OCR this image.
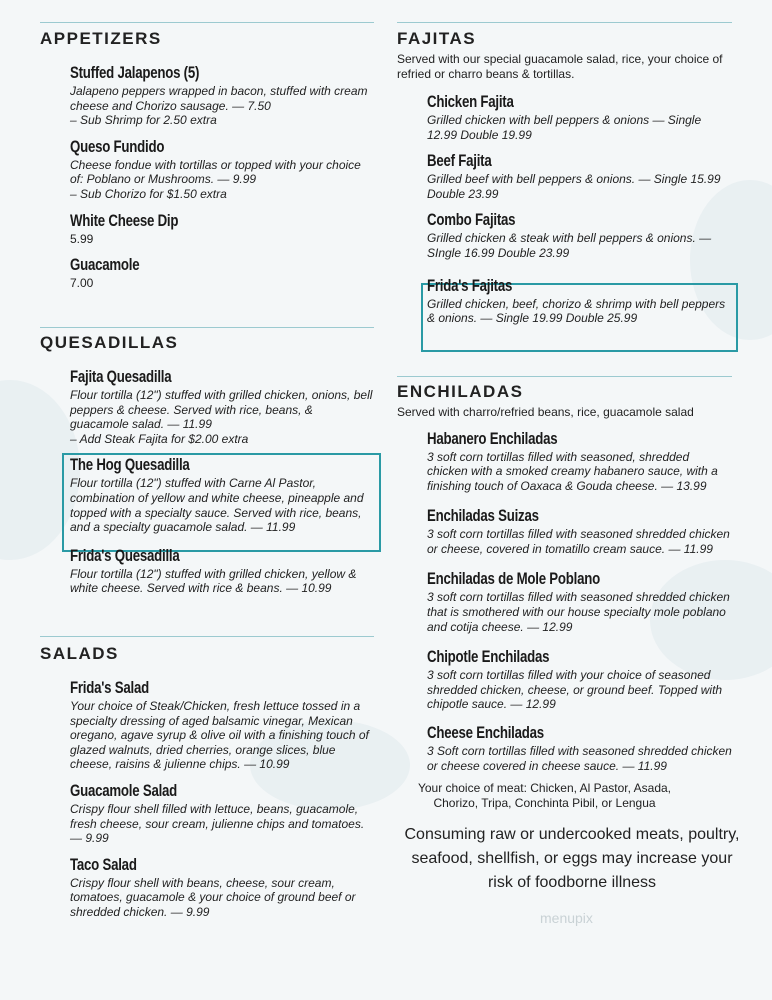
APPETIZERS
Stuffed Jalapenos (5)
Jalapeno peppers wrapped in bacon, stuffed with cream cheese and Chorizo sausage. — 7.50
– Sub Shrimp for 2.50 extra
Queso Fundido
Cheese fondue with tortillas or topped with your choice of: Poblano or Mushrooms. — 9.99
– Sub Chorizo for $1.50 extra
White Cheese Dip
5.99
Guacamole
7.00
QUESADILLAS
Fajita Quesadilla
Flour tortilla (12") stuffed with grilled chicken, onions, bell peppers & cheese. Served with rice, beans, & guacamole salad. — 11.99
– Add Steak Fajita for $2.00 extra
The Hog Quesadilla
Flour tortilla (12") stuffed with Carne Al Pastor, combination of yellow and white cheese, pineapple and topped with a specialty sauce. Served with rice, beans, and a specialty guacamole salad. — 11.99
Frida's Quesadilla
Flour tortilla (12") stuffed with grilled chicken, yellow & white cheese. Served with rice & beans. — 10.99
SALADS
Frida's Salad
Your choice of Steak/Chicken, fresh lettuce tossed in a specialty dressing of aged balsamic vinegar, Mexican oregano, agave syrup & olive oil with a finishing touch of glazed walnuts, dried cherries, orange slices, blue cheese, raisins & julienne chips. — 10.99
Guacamole Salad
Crispy flour shell filled with lettuce, beans, guacamole, fresh cheese, sour cream, julienne chips and tomatoes. — 9.99
Taco Salad
Crispy flour shell with beans, cheese, sour cream, tomatoes, guacamole & your choice of ground beef or shredded chicken. — 9.99
FAJITAS
Served with our special guacamole salad, rice, your choice of refried or charro beans & tortillas.
Chicken Fajita
Grilled chicken with bell peppers & onions — Single 12.99 Double 19.99
Beef Fajita
Grilled beef with bell peppers & onions. — Single 15.99 Double 23.99
Combo Fajitas
Grilled chicken & steak with bell peppers & onions. — SIngle 16.99 Double 23.99
Frida's Fajitas
Grilled chicken, beef, chorizo & shrimp with bell peppers & onions. — Single 19.99 Double 25.99
ENCHILADAS
Served with charro/refried beans, rice, guacamole salad
Habanero Enchiladas
3 soft corn tortillas filled with seasoned, shredded chicken with a smoked creamy habanero sauce, with a finishing touch of Oaxaca & Gouda cheese. — 13.99
Enchiladas Suizas
3 soft corn tortillas filled with seasoned shredded chicken or cheese, covered in tomatillo cream sauce. — 11.99
Enchiladas de Mole Poblano
3 soft corn tortillas filled with seasoned shredded chicken that is smothered with our house specialty mole poblano and cotija cheese. — 12.99
Chipotle Enchiladas
3 soft corn tortillas filled with your choice of seasoned shredded chicken, cheese, or ground beef. Topped with chipotle sauce. — 12.99
Cheese Enchiladas
3 Soft corn tortillas filled with seasoned shredded chicken or cheese covered in cheese sauce. — 11.99
Your choice of meat: Chicken, Al Pastor, Asada, Chorizo, Tripa, Conchinta Pibil, or Lengua
Consuming raw or undercooked meats, poultry, seafood, shellfish, or eggs may increase your risk of foodborne illness
menupix
